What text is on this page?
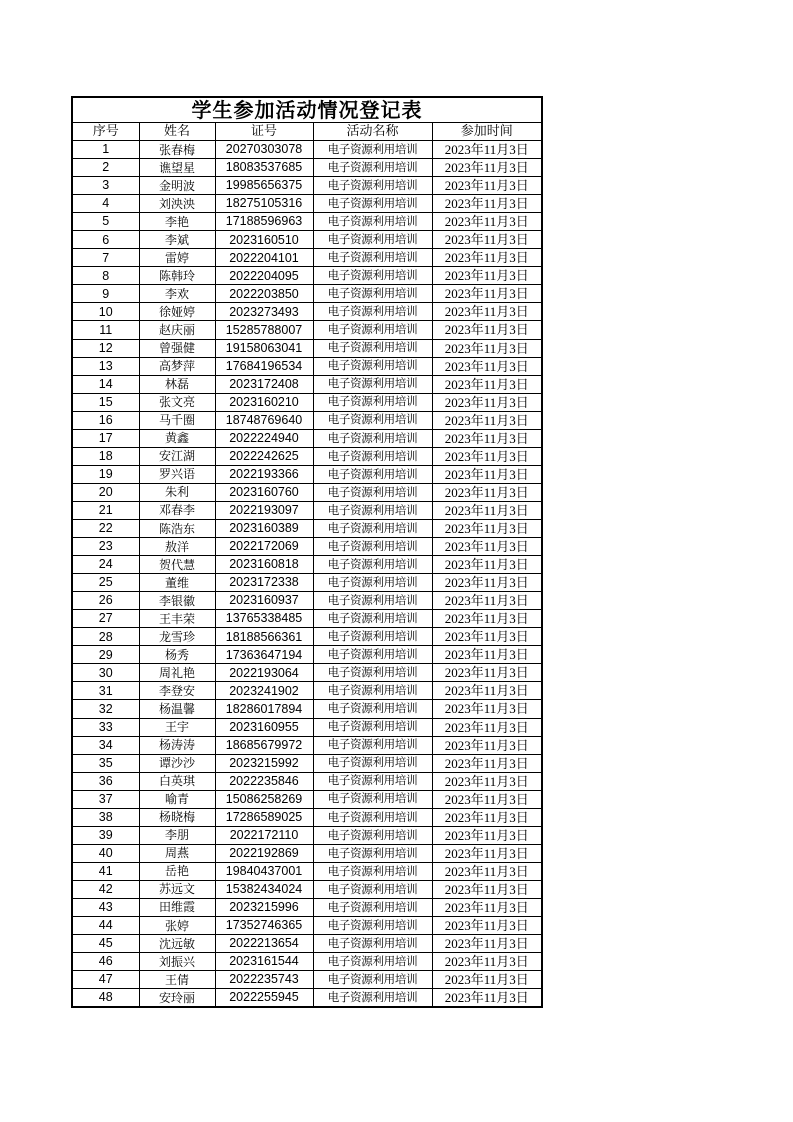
学生参加活动情况登记表				
序号	姓名	证号	活动名称	参加时间
1	张春梅	20270303078	电子资源利用培训	2023年11月3日
2	谯望星	18083537685	电子资源利用培训	2023年11月3日
3	金明波	19985656375	电子资源利用培训	2023年11月3日
4	刘泱泱	18275105316	电子资源利用培训	2023年11月3日
5	李艳	17188596963	电子资源利用培训	2023年11月3日
6	李斌	2023160510	电子资源利用培训	2023年11月3日
7	雷婷	2022204101	电子资源利用培训	2023年11月3日
8	陈韩玲	2022204095	电子资源利用培训	2023年11月3日
9	李欢	2022203850	电子资源利用培训	2023年11月3日
10	徐娅婷	2023273493	电子资源利用培训	2023年11月3日
11	赵庆丽	15285788007	电子资源利用培训	2023年11月3日
12	曾强健	19158063041	电子资源利用培训	2023年11月3日
13	高梦萍	17684196534	电子资源利用培训	2023年11月3日
14	林磊	2023172408	电子资源利用培训	2023年11月3日
15	张文亮	2023160210	电子资源利用培训	2023年11月3日
16	马千圈	18748769640	电子资源利用培训	2023年11月3日
17	黄鑫	2022224940	电子资源利用培训	2023年11月3日
18	安江湖	2022242625	电子资源利用培训	2023年11月3日
19	罗兴语	2022193366	电子资源利用培训	2023年11月3日
20	朱利	2023160760	电子资源利用培训	2023年11月3日
21	邓春李	2022193097	电子资源利用培训	2023年11月3日
22	陈浩东	2023160389	电子资源利用培训	2023年11月3日
23	敖洋	2022172069	电子资源利用培训	2023年11月3日
24	贺代慧	2023160818	电子资源利用培训	2023年11月3日
25	董维	2023172338	电子资源利用培训	2023年11月3日
26	李银徽	2023160937	电子资源利用培训	2023年11月3日
27	王丰荣	13765338485	电子资源利用培训	2023年11月3日
28	龙雪珍	18188566361	电子资源利用培训	2023年11月3日
29	杨秀	17363647194	电子资源利用培训	2023年11月3日
30	周礼艳	2022193064	电子资源利用培训	2023年11月3日
31	李登安	2023241902	电子资源利用培训	2023年11月3日
32	杨温馨	18286017894	电子资源利用培训	2023年11月3日
33	王宇	2023160955	电子资源利用培训	2023年11月3日
34	杨涛涛	18685679972	电子资源利用培训	2023年11月3日
35	谭沙沙	2023215992	电子资源利用培训	2023年11月3日
36	白英琪	2022235846	电子资源利用培训	2023年11月3日
37	喻青	15086258269	电子资源利用培训	2023年11月3日
38	杨晓梅	17286589025	电子资源利用培训	2023年11月3日
39	李朋	2022172110	电子资源利用培训	2023年11月3日
40	周燕	2022192869	电子资源利用培训	2023年11月3日
41	岳艳	19840437001	电子资源利用培训	2023年11月3日
42	苏远文	15382434024	电子资源利用培训	2023年11月3日
43	田维霞	2023215996	电子资源利用培训	2023年11月3日
44	张婷	17352746365	电子资源利用培训	2023年11月3日
45	沈远敏	2022213654	电子资源利用培训	2023年11月3日
46	刘振兴	2023161544	电子资源利用培训	2023年11月3日
47	王倩	2022235743	电子资源利用培训	2023年11月3日
48	安玲丽	2022255945	电子资源利用培训	2023年11月3日
